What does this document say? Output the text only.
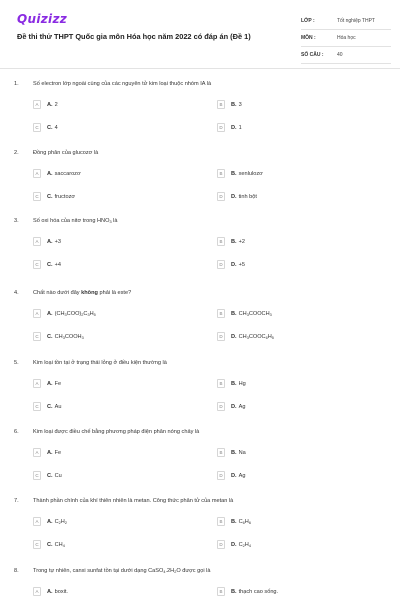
Quizizz
Đề thi thử THPT Quốc gia môn Hóa học năm 2022 có đáp án (Đề 1)
LỚP :	Tốt nghiệp THPT
MÔN :	Hóa học
SỐ CÂU :	40
1.	Số electron lớp ngoài cùng của các nguyên tử kim loại thuộc nhóm IA là
A	A. 2	B	B. 3
C	C. 4	D	D. 1
2.	Đồng phân của glucozơ là
A	A. saccarozơ	B	B. xenlulozơ
C	C. fructozơ	D	D. tinh bột
3.	Số oxi hóa của nitơ trong $HNO_3$ là
A	A. +3	B	B. +2
C	C. +4	D	D. +5
4.	Chất nào dưới đây không phải là este?
A	A. $(CH_3COO)_2C_3H_5$	B	B. $CH_3COOCH_3$
C	C. $CH_3COOH_3$	D	D. $CH_3COOC_6H_5$
5.	Kim loại tồn tại ở trạng thái lỏng ở điều kiện thường là
A	A. Fe	B	B. Hg
C	C. Au	D	D. Ag
6.	Kim loại được điều chế bằng phương pháp điện phân nóng chảy là
A	A. Fe	B	B. Na
C	C. Cu	D	D. Ag
7.	Thành phần chính của khí thiên nhiên là metan. Công thức phân tử của metan là
A	A. $C_2H_2$	B	B. $C_6H_6$
C	C. $CH_4$	D	D. $C_2H_4$
8.	Trong tự nhiên, canxi sunfat tồn tại dưới dạng $CaSO_4.2H_2O$ được gọi là
A	A. boxit.	B	B. thạch cao sống.
